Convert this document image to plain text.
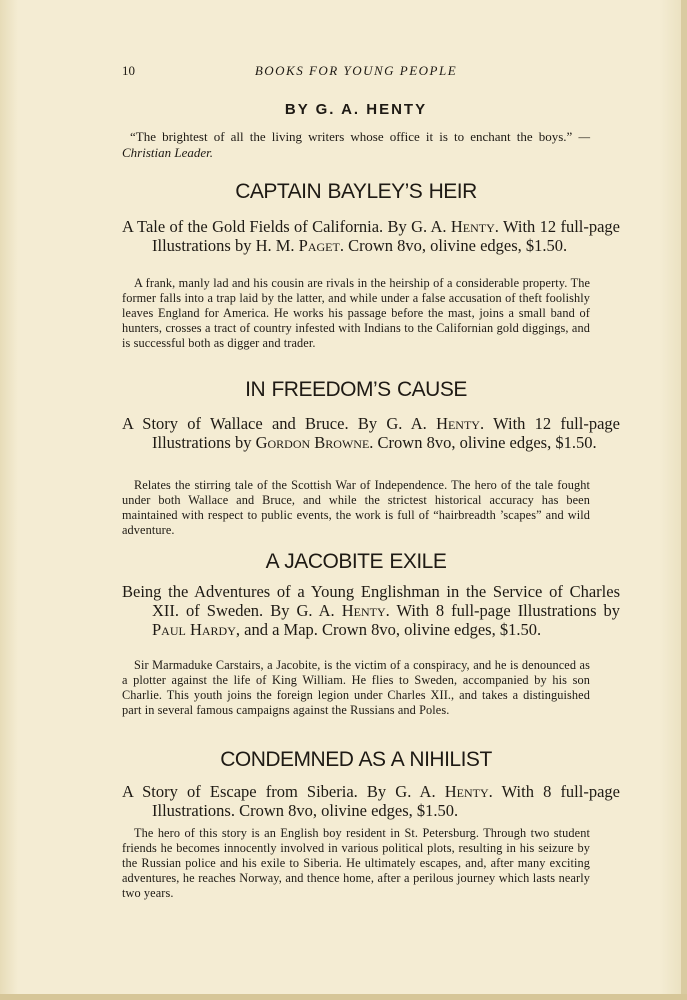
10	BOOKS FOR YOUNG PEOPLE
BY G. A. HENTY
“The brightest of all the living writers whose office it is to enchant the boys.” —Christian Leader.
CAPTAIN BAYLEY’S HEIR
A Tale of the Gold Fields of California. By G. A. Henty. With 12 full-page Illustrations by H. M. Paget. Crown 8vo, olivine edges, $1.50.
A frank, manly lad and his cousin are rivals in the heirship of a considerable property. The former falls into a trap laid by the latter, and while under a false accusation of theft foolishly leaves England for America. He works his passage before the mast, joins a small band of hunters, crosses a tract of country infested with Indians to the Californian gold diggings, and is successful both as digger and trader.
IN FREEDOM’S CAUSE
A Story of Wallace and Bruce. By G. A. Henty. With 12 full-page Illustrations by Gordon Browne. Crown 8vo, olivine edges, $1.50.
Relates the stirring tale of the Scottish War of Independence. The hero of the tale fought under both Wallace and Bruce, and while the strictest historical accuracy has been maintained with respect to public events, the work is full of “hairbreadth ’scapes” and wild adventure.
A JACOBITE EXILE
Being the Adventures of a Young Englishman in the Service of Charles XII. of Sweden. By G. A. Henty. With 8 full-page Illustrations by Paul Hardy, and a Map. Crown 8vo, olivine edges, $1.50.
Sir Marmaduke Carstairs, a Jacobite, is the victim of a conspiracy, and he is denounced as a plotter against the life of King William. He flies to Sweden, accompanied by his son Charlie. This youth joins the foreign legion under Charles XII., and takes a distinguished part in several famous campaigns against the Russians and Poles.
CONDEMNED AS A NIHILIST
A Story of Escape from Siberia. By G. A. Henty. With 8 full-page Illustrations. Crown 8vo, olivine edges, $1.50.
The hero of this story is an English boy resident in St. Petersburg. Through two student friends he becomes innocently involved in various political plots, resulting in his seizure by the Russian police and his exile to Siberia. He ultimately escapes, and, after many exciting adventures, he reaches Norway, and thence home, after a perilous journey which lasts nearly two years.
